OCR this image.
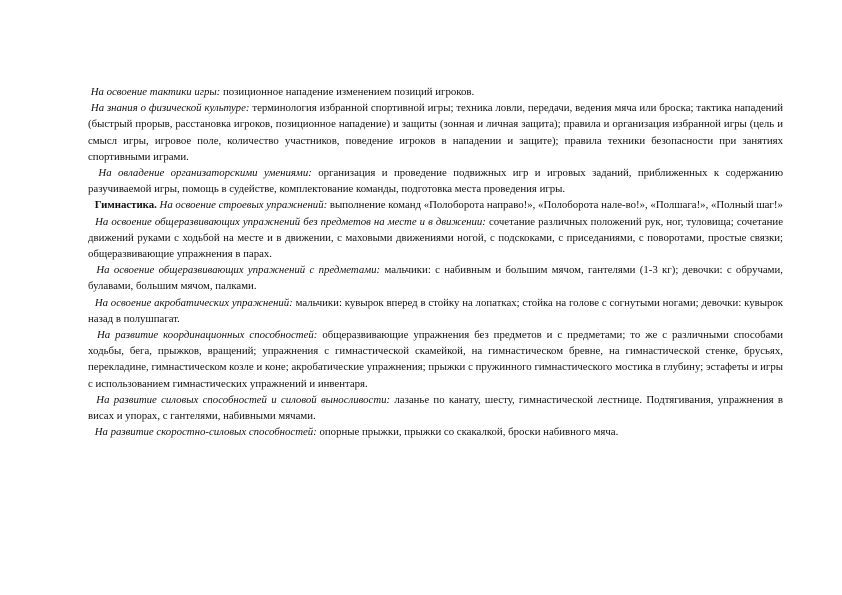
На освоение тактики игры: позиционное нападение изменением позиций игроков.

На знания о физической культуре: терминология избранной спортивной игры; техника ловли, передачи, ведения мяча или броска; тактика нападений (быстрый прорыв, расстановка игроков, позиционное нападение) и защиты (зонная и личная защита); правила и организация избранной игры (цель и смысл игры, игровое поле, количество участников, поведение игроков в нападении и защите); правила техники безопасности при занятиях спортивными играми.

На овладение организаторскими умениями: организация и проведение подвижных игр и игровых заданий, приближенных к содержанию разучиваемой игры, помощь в судействе, комплектование команды, подготовка места проведения игры.

Гимнастика. На освоение строевых упражнений: выполнение команд «Полоборота направо!», «Полоборота нале-во!», «Полшага!», «Полный шаг!»

На освоение общеразвивающих упражнений без предметов на месте и в движении: сочетание различных положений рук, ног, туловища; сочетание движений руками с ходьбой на месте и в движении, с маховыми движениями ногой, с подскоками, с приседаниями, с поворотами, простые связки; общеразвивающие упражнения в парах.

На освоение общеразвивающих упражнений с предметами: мальчики: с набивным и большим мячом, гантелями (1-3 кг); девочки: с обручами, булавами, большим мячом, палками.

На освоение акробатических упражнений: мальчики: кувырок вперед в стойку на лопатках; стойка на голове с согнутыми ногами; девочки: кувырок назад в полушпагат.

На развитие координационных способностей: общеразвивающие упражнения без предметов и с предметами; то же с различными способами ходьбы, бега, прыжков, вращений; упражнения с гимнастической скамейкой, на гимнастическом бревне, на гимнастической стенке, брусьях, перекладине, гимнастическом козле и коне; акробатические упражнения; прыжки с пружинного гимнастического мостика в глубину; эстафеты и игры с использованием гимнастических упражнений и инвентаря.

На развитие силовых способностей и силовой выносливости: лазанье по канату, шесту, гимнастической лестнице. Подтягивания, упражнения в висах и упорах, с гантелями, набивными мячами.

На развитие скоростно-силовых способностей: опорные прыжки, прыжки со скакалкой, броски набивного мяча.
